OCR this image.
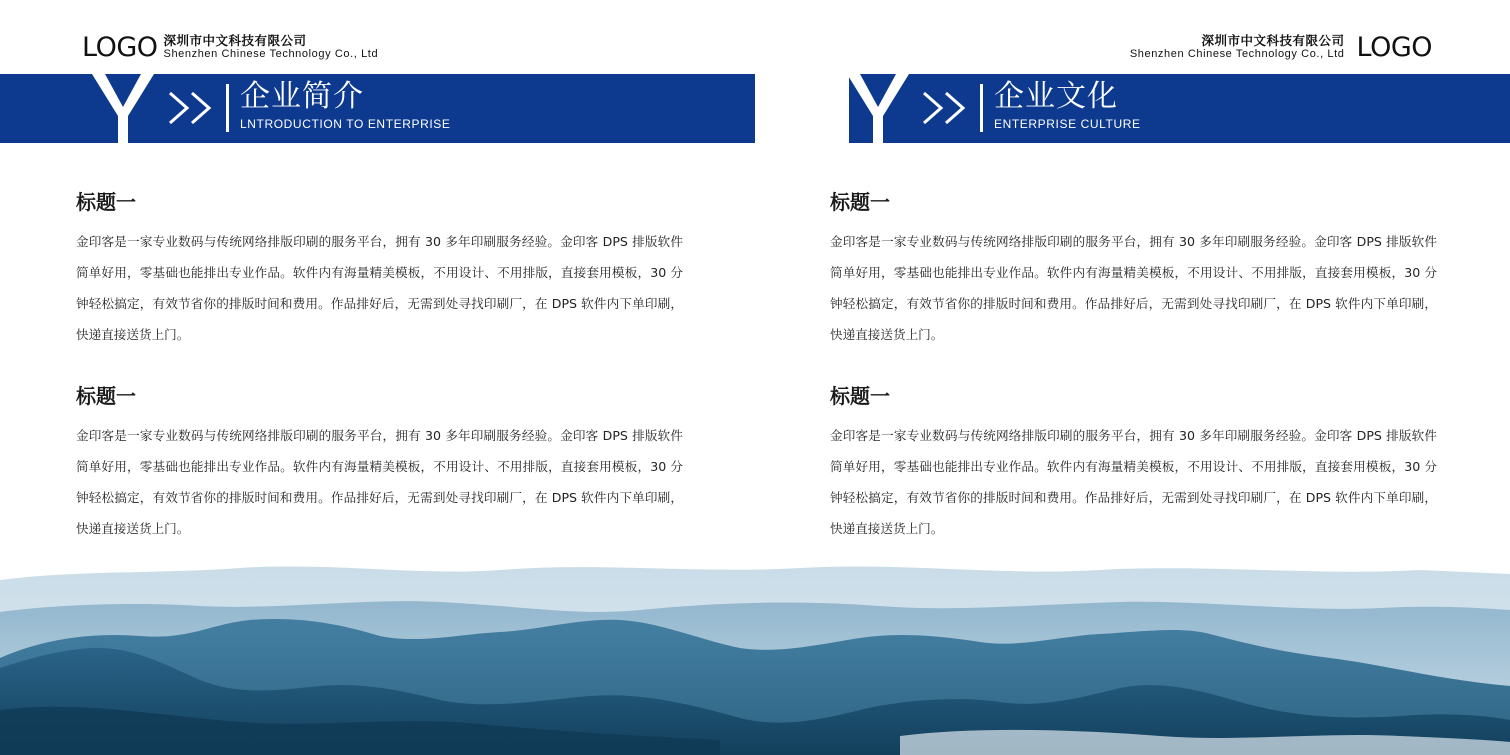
LOGO 深圳市中文科技有限公司
Shenzhen Chinese Technology Co., Ltd
企业简介
LNTRODUCTION TO ENTERPRISE
标题一

金印客是一家专业数码与传统网络排版印刷的服务平台，拥有 30 多年印刷服务经验。金印客 DPS 排版软件简单好用，零基础也能排出专业作品。软件内有海量精美模板，不用设计、不用排版，直接套用模板，30 分钟轻松搞定，有效节省你的排版时间和费用。作品排好后，无需到处寻找印刷厂，在 DPS 软件内下单印刷，快递直接送货上门。

标题一

金印客是一家专业数码与传统网络排版印刷的服务平台，拥有 30 多年印刷服务经验。金印客 DPS 排版软件简单好用，零基础也能排出专业作品。软件内有海量精美模板，不用设计、不用排版，直接套用模板，30 分钟轻松搞定，有效节省你的排版时间和费用。作品排好后，无需到处寻找印刷厂，在 DPS 软件内下单印刷，快递直接送货上门。

深圳市中文科技有限公司
Shenzhen Chinese Technology Co., Ltd LOGO
企业文化
ENTERPRISE CULTURE
标题一

金印客是一家专业数码与传统网络排版印刷的服务平台，拥有 30 多年印刷服务经验。金印客 DPS 排版软件简单好用，零基础也能排出专业作品。软件内有海量精美模板，不用设计、不用排版，直接套用模板，30 分钟轻松搞定，有效节省你的排版时间和费用。作品排好后，无需到处寻找印刷厂，在 DPS 软件内下单印刷，快递直接送货上门。

标题一

金印客是一家专业数码与传统网络排版印刷的服务平台，拥有 30 多年印刷服务经验。金印客 DPS 排版软件简单好用，零基础也能排出专业作品。软件内有海量精美模板，不用设计、不用排版，直接套用模板，30 分钟轻松搞定，有效节省你的排版时间和费用。作品排好后，无需到处寻找印刷厂，在 DPS 软件内下单印刷，快递直接送货上门。
